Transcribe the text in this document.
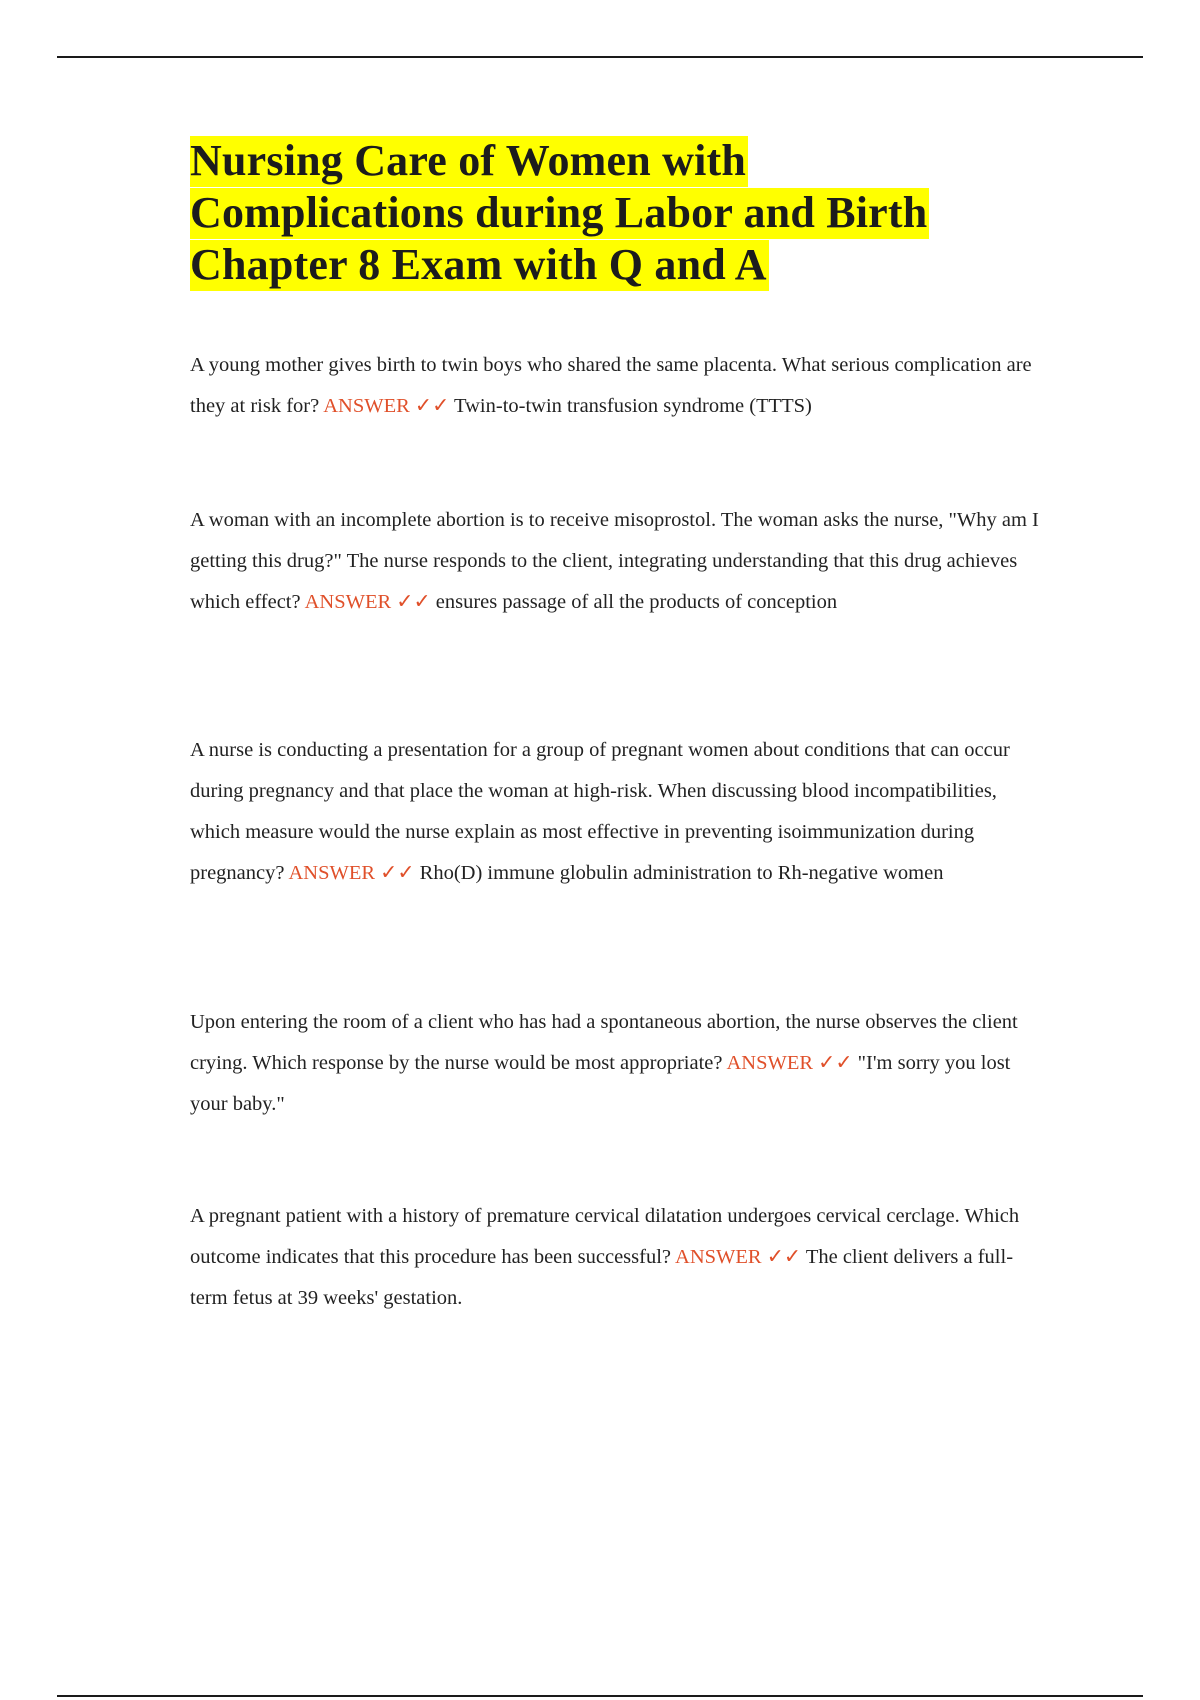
Nursing Care of Women with
Complications during Labor and Birth
Chapter 8 Exam with Q and A

A young mother gives birth to twin boys who shared the same placenta. What serious complication are they at risk for? ANSWER ✓✓ Twin-to-twin transfusion syndrome (TTTS)

A woman with an incomplete abortion is to receive misoprostol. The woman asks the nurse, "Why am I getting this drug?" The nurse responds to the client, integrating understanding that this drug achieves which effect? ANSWER ✓✓ ensures passage of all the products of conception

A nurse is conducting a presentation for a group of pregnant women about conditions that can occur during pregnancy and that place the woman at high-risk. When discussing blood incompatibilities, which measure would the nurse explain as most effective in preventing isoimmunization during pregnancy? ANSWER ✓✓ Rho(D) immune globulin administration to Rh-negative women

Upon entering the room of a client who has had a spontaneous abortion, the nurse observes the client crying. Which response by the nurse would be most appropriate? ANSWER ✓✓ "I'm sorry you lost your baby."

A pregnant patient with a history of premature cervical dilatation undergoes cervical cerclage. Which outcome indicates that this procedure has been successful? ANSWER ✓✓ The client delivers a full-term fetus at 39 weeks' gestation.
